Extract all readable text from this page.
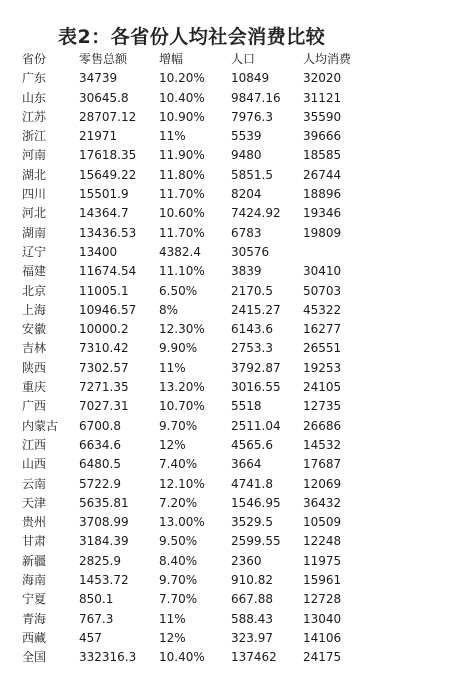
表2：各省份人均社会消费比较
省份	零售总额	增幅	人口	人均消费
广东	34739	10.20%	10849	32020
山东	30645.8	10.40%	9847.16	31121
江苏	28707.12	10.90%	7976.3	35590
浙江	21971	11%	5539	39666
河南	17618.35	11.90%	9480	18585
湖北	15649.22	11.80%	5851.5	26744
四川	15501.9	11.70%	8204	18896
河北	14364.7	10.60%	7424.92	19346
湖南	13436.53	11.70%	6783	19809
辽宁	13400	4382.4	30576	
福建	11674.54	11.10%	3839	30410
北京	11005.1	6.50%	2170.5	50703
上海	10946.57	8%	2415.27	45322
安徽	10000.2	12.30%	6143.6	16277
吉林	7310.42	9.90%	2753.3	26551
陕西	7302.57	11%	3792.87	19253
重庆	7271.35	13.20%	3016.55	24105
广西	7027.31	10.70%	5518	12735
内蒙古	6700.8	9.70%	2511.04	26686
江西	6634.6	12%	4565.6	14532
山西	6480.5	7.40%	3664	17687
云南	5722.9	12.10%	4741.8	12069
天津	5635.81	7.20%	1546.95	36432
贵州	3708.99	13.00%	3529.5	10509
甘肃	3184.39	9.50%	2599.55	12248
新疆	2825.9	8.40%	2360	11975
海南	1453.72	9.70%	910.82	15961
宁夏	850.1	7.70%	667.88	12728
青海	767.3	11%	588.43	13040
西藏	457	12%	323.97	14106
全国	332316.3	10.40%	137462	24175
